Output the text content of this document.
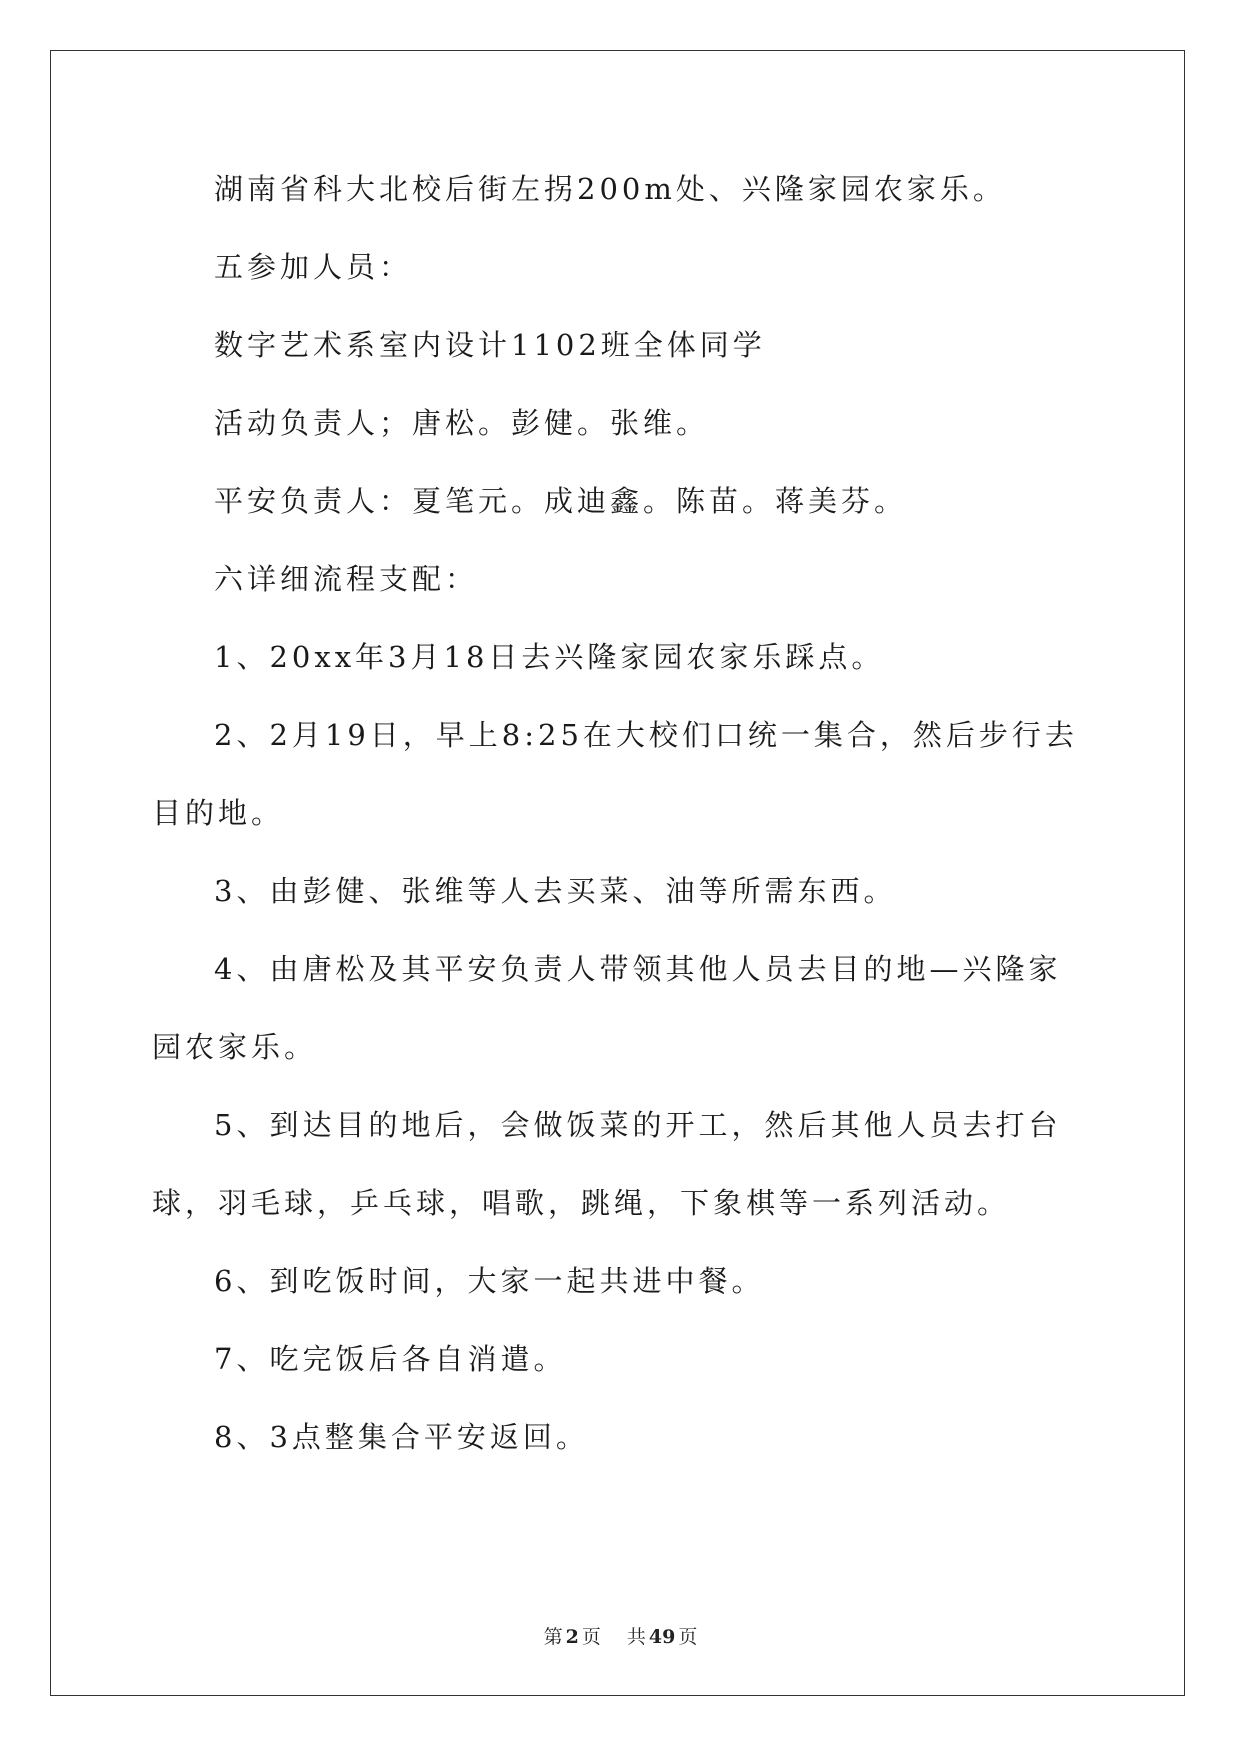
湖南省科大北校后街左拐200m处、兴隆家园农家乐。

五参加人员：

数字艺术系室内设计1102班全体同学

活动负责人；唐松。彭健。张维。

平安负责人：夏笔元。成迪鑫。陈苗。蒋美芬。

六详细流程支配：

1、20xx年3月18日去兴隆家园农家乐踩点。

2、2月19日，早上8:25在大校们口统一集合，然后步行去目的地。

3、由彭健、张维等人去买菜、油等所需东西。

4、由唐松及其平安负责人带领其他人员去目的地—兴隆家园农家乐。

5、到达目的地后，会做饭菜的开工，然后其他人员去打台球，羽毛球，乒乓球，唱歌，跳绳，下象棋等一系列活动。

6、到吃饭时间，大家一起共进中餐。

7、吃完饭后各自消遣。

8、3点整集合平安返回。

第 2 页 共 49 页
